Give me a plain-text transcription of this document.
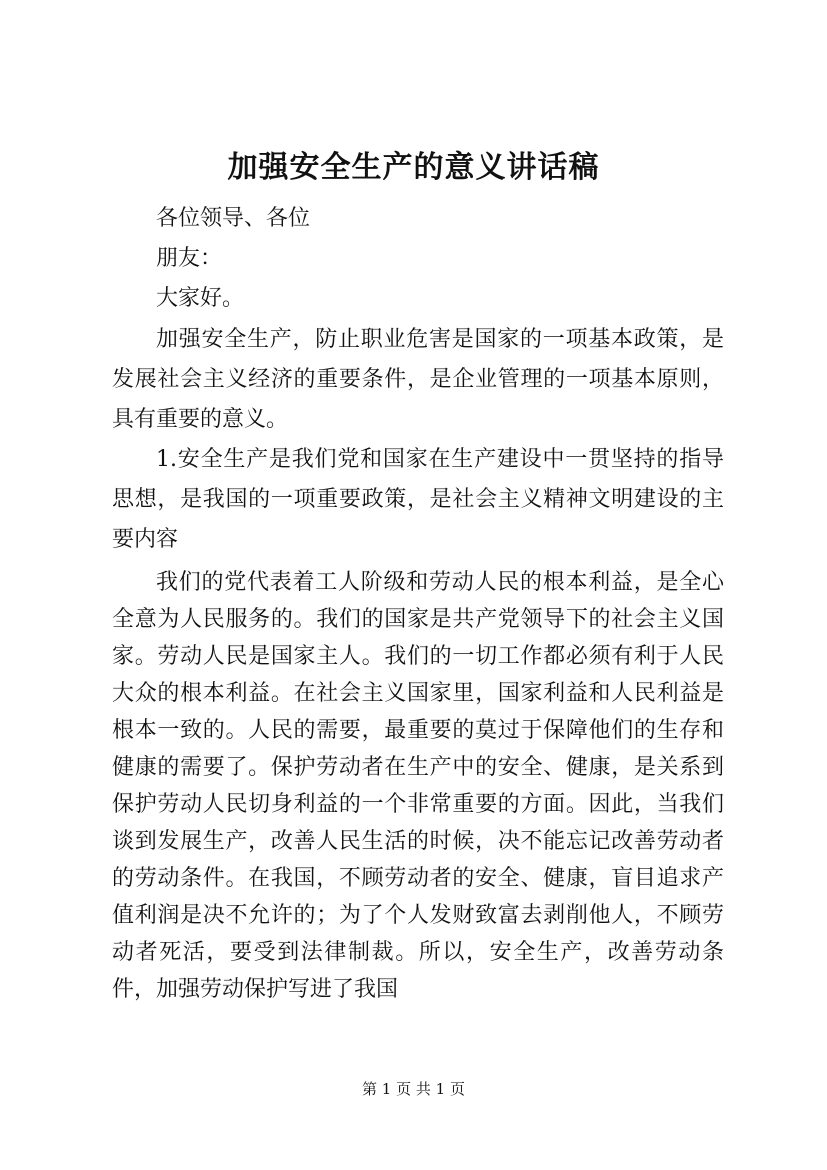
加强安全生产的意义讲话稿

各位领导、各位

朋友：

大家好。

加强安全生产，防止职业危害是国家的一项基本政策，是发展社会主义经济的重要条件，是企业管理的一项基本原则，具有重要的意义。

1.安全生产是我们党和国家在生产建设中一贯坚持的指导思想，是我国的一项重要政策，是社会主义精神文明建设的主要内容

我们的党代表着工人阶级和劳动人民的根本利益，是全心全意为人民服务的。我们的国家是共产党领导下的社会主义国家。劳动人民是国家主人。我们的一切工作都必须有利于人民大众的根本利益。在社会主义国家里，国家利益和人民利益是根本一致的。人民的需要，最重要的莫过于保障他们的生存和健康的需要了。保护劳动者在生产中的安全、健康，是关系到保护劳动人民切身利益的一个非常重要的方面。因此，当我们谈到发展生产，改善人民生活的时候，决不能忘记改善劳动者的劳动条件。在我国，不顾劳动者的安全、健康，盲目追求产值利润是决不允许的；为了个人发财致富去剥削他人，不顾劳动者死活，要受到法律制裁。所以，安全生产，改善劳动条件，加强劳动保护写进了我国

第 1 页 共 1 页
